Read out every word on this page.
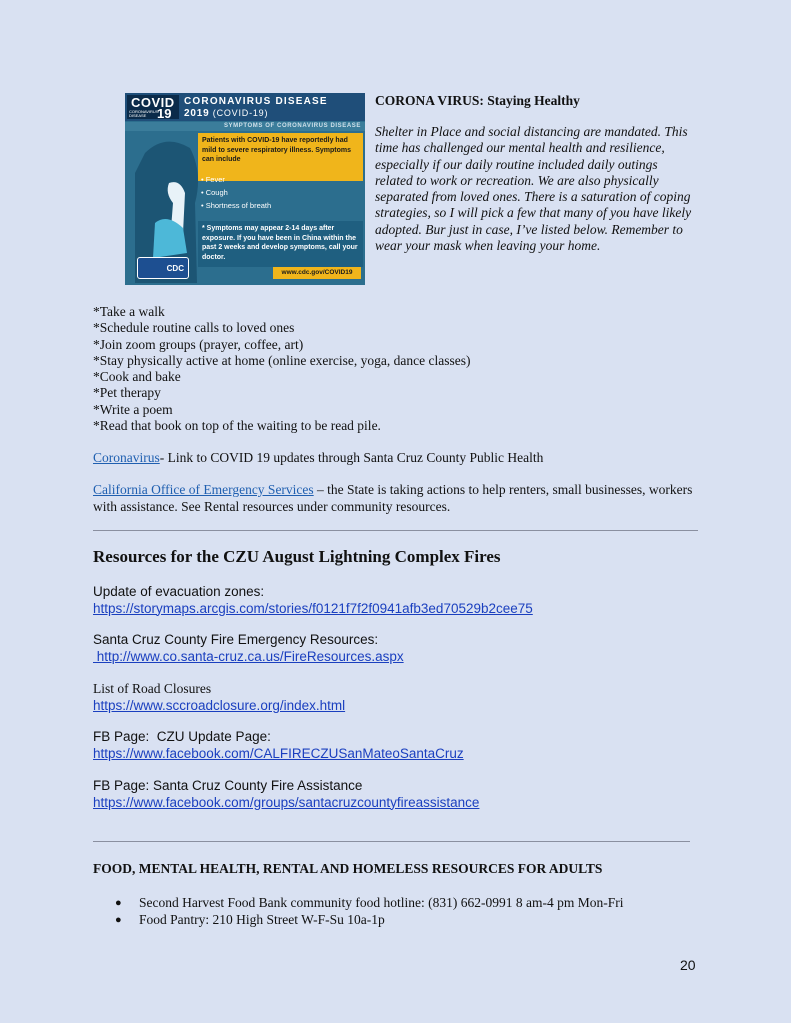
COVID
19
CORONAVIRUS DISEASE
CORONAVIRUS DISEASE
2019 (COVID-19)
SYMPTOMS OF CORONAVIRUS DISEASE
Patients with COVID-19 have reportedly had mild to severe respiratory illness. Symptoms can include
• Fever
• Cough
• Shortness of breath
* Symptoms may appear 2-14 days after exposure. If you have been in China within the past 2 weeks and develop symptoms, call your doctor.
CDC	www.cdc.gov/COVID19
CORONA VIRUS: Staying Healthy
Shelter in Place and social distancing are mandated. This time has challenged our mental health and resilience, especially if our daily routine included daily outings related to work or recreation. We are also physically separated from loved ones. There is a saturation of coping strategies, so I will pick a few that many of you have likely adopted. Bur just in case, I’ve listed below. Remember to wear your mask when leaving your home.
*Take a walk
*Schedule routine calls to loved ones
*Join zoom groups (prayer, coffee, art)
*Stay physically active at home (online exercise, yoga, dance classes)
*Cook and bake
*Pet therapy
*Write a poem
*Read that book on top of the waiting to be read pile.
Coronavirus- Link to COVID 19 updates through Santa Cruz County Public Health
California Office of Emergency Services – the State is taking actions to help renters, small businesses, workers with assistance. See Rental resources under community resources.
Resources for the CZU August Lightning Complex Fires
Update of evacuation zones:
https://storymaps.arcgis.com/stories/f0121f7f2f0941afb3ed70529b2cee75
Santa Cruz County Fire Emergency Resources:
http://www.co.santa-cruz.ca.us/FireResources.aspx
List of Road Closures
https://www.sccroadclosure.org/index.html
FB Page:  CZU Update Page:
https://www.facebook.com/CALFIRECZUSanMateoSantaCruz
FB Page: Santa Cruz County Fire Assistance
https://www.facebook.com/groups/santacruzcountyfireassistance
FOOD, MENTAL HEALTH, RENTAL AND HOMELESS RESOURCES FOR ADULTS
● Second Harvest Food Bank community food hotline: (831) 662-0991 8 am-4 pm Mon-Fri
● Food Pantry: 210 High Street W-F-Su 10a-1p
20
